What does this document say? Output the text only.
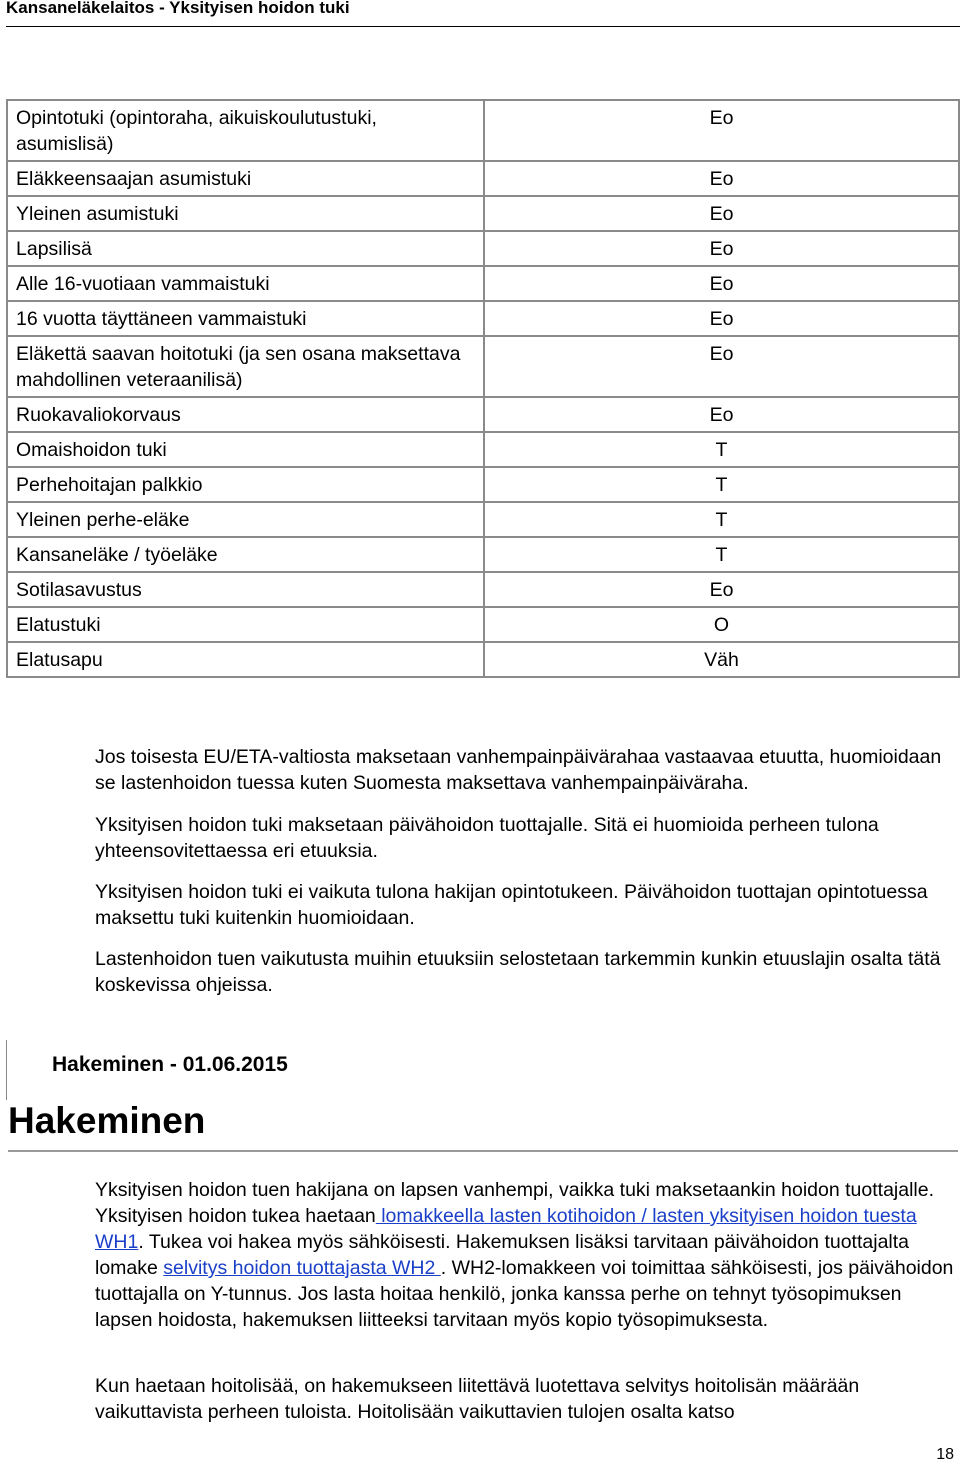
Kansaneläkelaitos - Yksityisen hoidon tuki
Opintotuki (opintoraha, aikuiskoulutustuki, asumislisä)	Eo
Eläkkeensaajan asumistuki	Eo
Yleinen asumistuki	Eo
Lapsilisä	Eo
Alle 16-vuotiaan vammaistuki	Eo
16 vuotta täyttäneen vammaistuki	Eo
Eläkettä saavan hoitotuki (ja sen osana maksettava mahdollinen veteraanilisä)	Eo
Ruokavaliokorvaus	Eo
Omaishoidon tuki	T
Perhehoitajan palkkio	T
Yleinen perhe-eläke	T
Kansaneläke / työeläke	T
Sotilasavustus	Eo
Elatustuki	O
Elatusapu	Väh

Jos toisesta EU/ETA-valtiosta maksetaan vanhempainpäivärahaa vastaavaa etuutta, huomioidaan se lastenhoidon tuessa kuten Suomesta maksettava vanhempainpäiväraha.

Yksityisen hoidon tuki maksetaan päivähoidon tuottajalle. Sitä ei huomioida perheen tulona yhteensovitettaessa eri etuuksia.

Yksityisen hoidon tuki ei vaikuta tulona hakijan opintotukeen. Päivähoidon tuottajan opintotuessa maksettu tuki kuitenkin huomioidaan.

Lastenhoidon tuen vaikutusta muihin etuuksiin selostetaan tarkemmin kunkin etuuslajin osalta tätä koskevissa ohjeissa.

Hakeminen - 01.06.2015
Hakeminen

Yksityisen hoidon tuen hakijana on lapsen vanhempi, vaikka tuki maksetaankin hoidon tuottajalle. Yksityisen hoidon tukea haetaan lomakkeella lasten kotihoidon / lasten yksityisen hoidon tuesta WH1. Tukea voi hakea myös sähköisesti. Hakemuksen lisäksi tarvitaan päivähoidon tuottajalta lomake selvitys hoidon tuottajasta WH2 . WH2-lomakkeen voi toimittaa sähköisesti, jos päivähoidon tuottajalla on Y-tunnus. Jos lasta hoitaa henkilö, jonka kanssa perhe on tehnyt työsopimuksen lapsen hoidosta, hakemuksen liitteeksi tarvitaan myös kopio työsopimuksesta.

Kun haetaan hoitolisää, on hakemukseen liitettävä luotettava selvitys hoitolisän määrään vaikuttavista perheen tuloista. Hoitolisään vaikuttavien tulojen osalta katso

18
